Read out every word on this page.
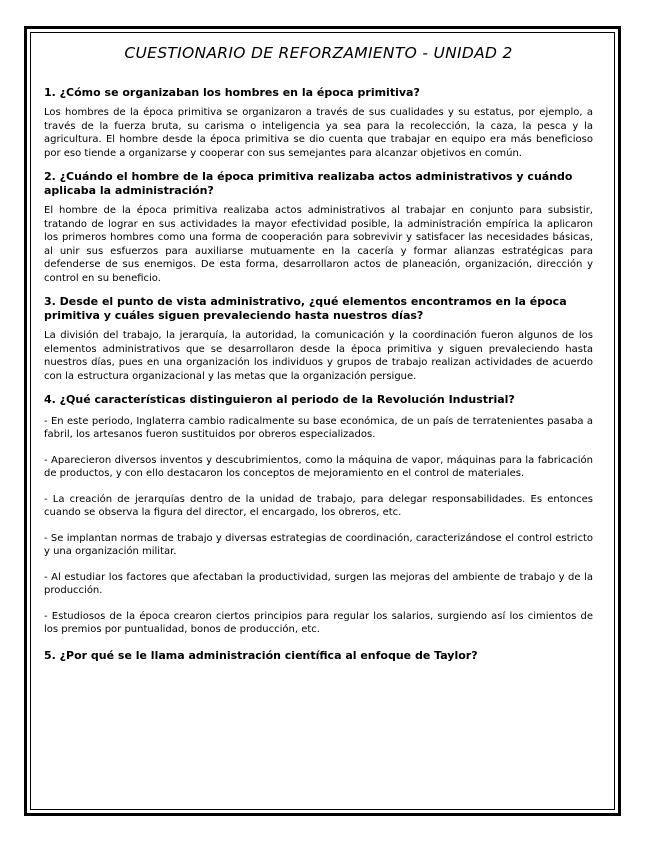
CUESTIONARIO DE REFORZAMIENTO - UNIDAD 2

1. ¿Cómo se organizaban los hombres en la época primitiva?

Los hombres de la época primitiva se organizaron a través de sus cualidades y su estatus, por ejemplo, a través de la fuerza bruta, su carisma o inteligencia ya sea para la recolección, la caza, la pesca y la agricultura. El hombre desde la época primitiva se dio cuenta que trabajar en equipo era más beneficioso por eso tiende a organizarse y cooperar con sus semejantes para alcanzar objetivos en común.

2. ¿Cuándo el hombre de la época primitiva realizaba actos administrativos y cuándo aplicaba la administración?

El hombre de la época primitiva realizaba actos administrativos al trabajar en conjunto para subsistir, tratando de lograr en sus actividades la mayor efectividad posible, la administración empírica la aplicaron los primeros hombres como una forma de cooperación para sobrevivir y satisfacer las necesidades básicas, al unir sus esfuerzos para auxiliarse mutuamente en la cacería y formar alianzas estratégicas para defenderse de sus enemigos. De esta forma, desarrollaron actos de planeación, organización, dirección y control en su beneficio.

3. Desde el punto de vista administrativo, ¿qué elementos encontramos en la época primitiva y cuáles siguen prevaleciendo hasta nuestros días?

La división del trabajo, la jerarquía, la autoridad, la comunicación y la coordinación fueron algunos de los elementos administrativos que se desarrollaron desde la época primitiva y siguen prevaleciendo hasta nuestros días, pues en una organización los individuos y grupos de trabajo realizan actividades de acuerdo con la estructura organizacional y las metas que la organización persigue.

4. ¿Qué características distinguieron al periodo de la Revolución Industrial?

- En este periodo, Inglaterra cambio radicalmente su base económica, de un país de terratenientes pasaba a fabril, los artesanos fueron sustituidos por obreros especializados.

- Aparecieron diversos inventos y descubrimientos, como la máquina de vapor, máquinas para la fabricación de productos, y con ello destacaron los conceptos de mejoramiento en el control de materiales.

- La creación de jerarquías dentro de la unidad de trabajo, para delegar responsabilidades. Es entonces cuando se observa la figura del director, el encargado, los obreros, etc.

- Se implantan normas de trabajo y diversas estrategias de coordinación, caracterizándose el control estricto y una organización militar.

- Al estudiar los factores que afectaban la productividad, surgen las mejoras del ambiente de trabajo y de la producción.

- Estudiosos de la época crearon ciertos principios para regular los salarios, surgiendo así los cimientos de los premios por puntualidad, bonos de producción, etc.

5. ¿Por qué se le llama administración científica al enfoque de Taylor?
